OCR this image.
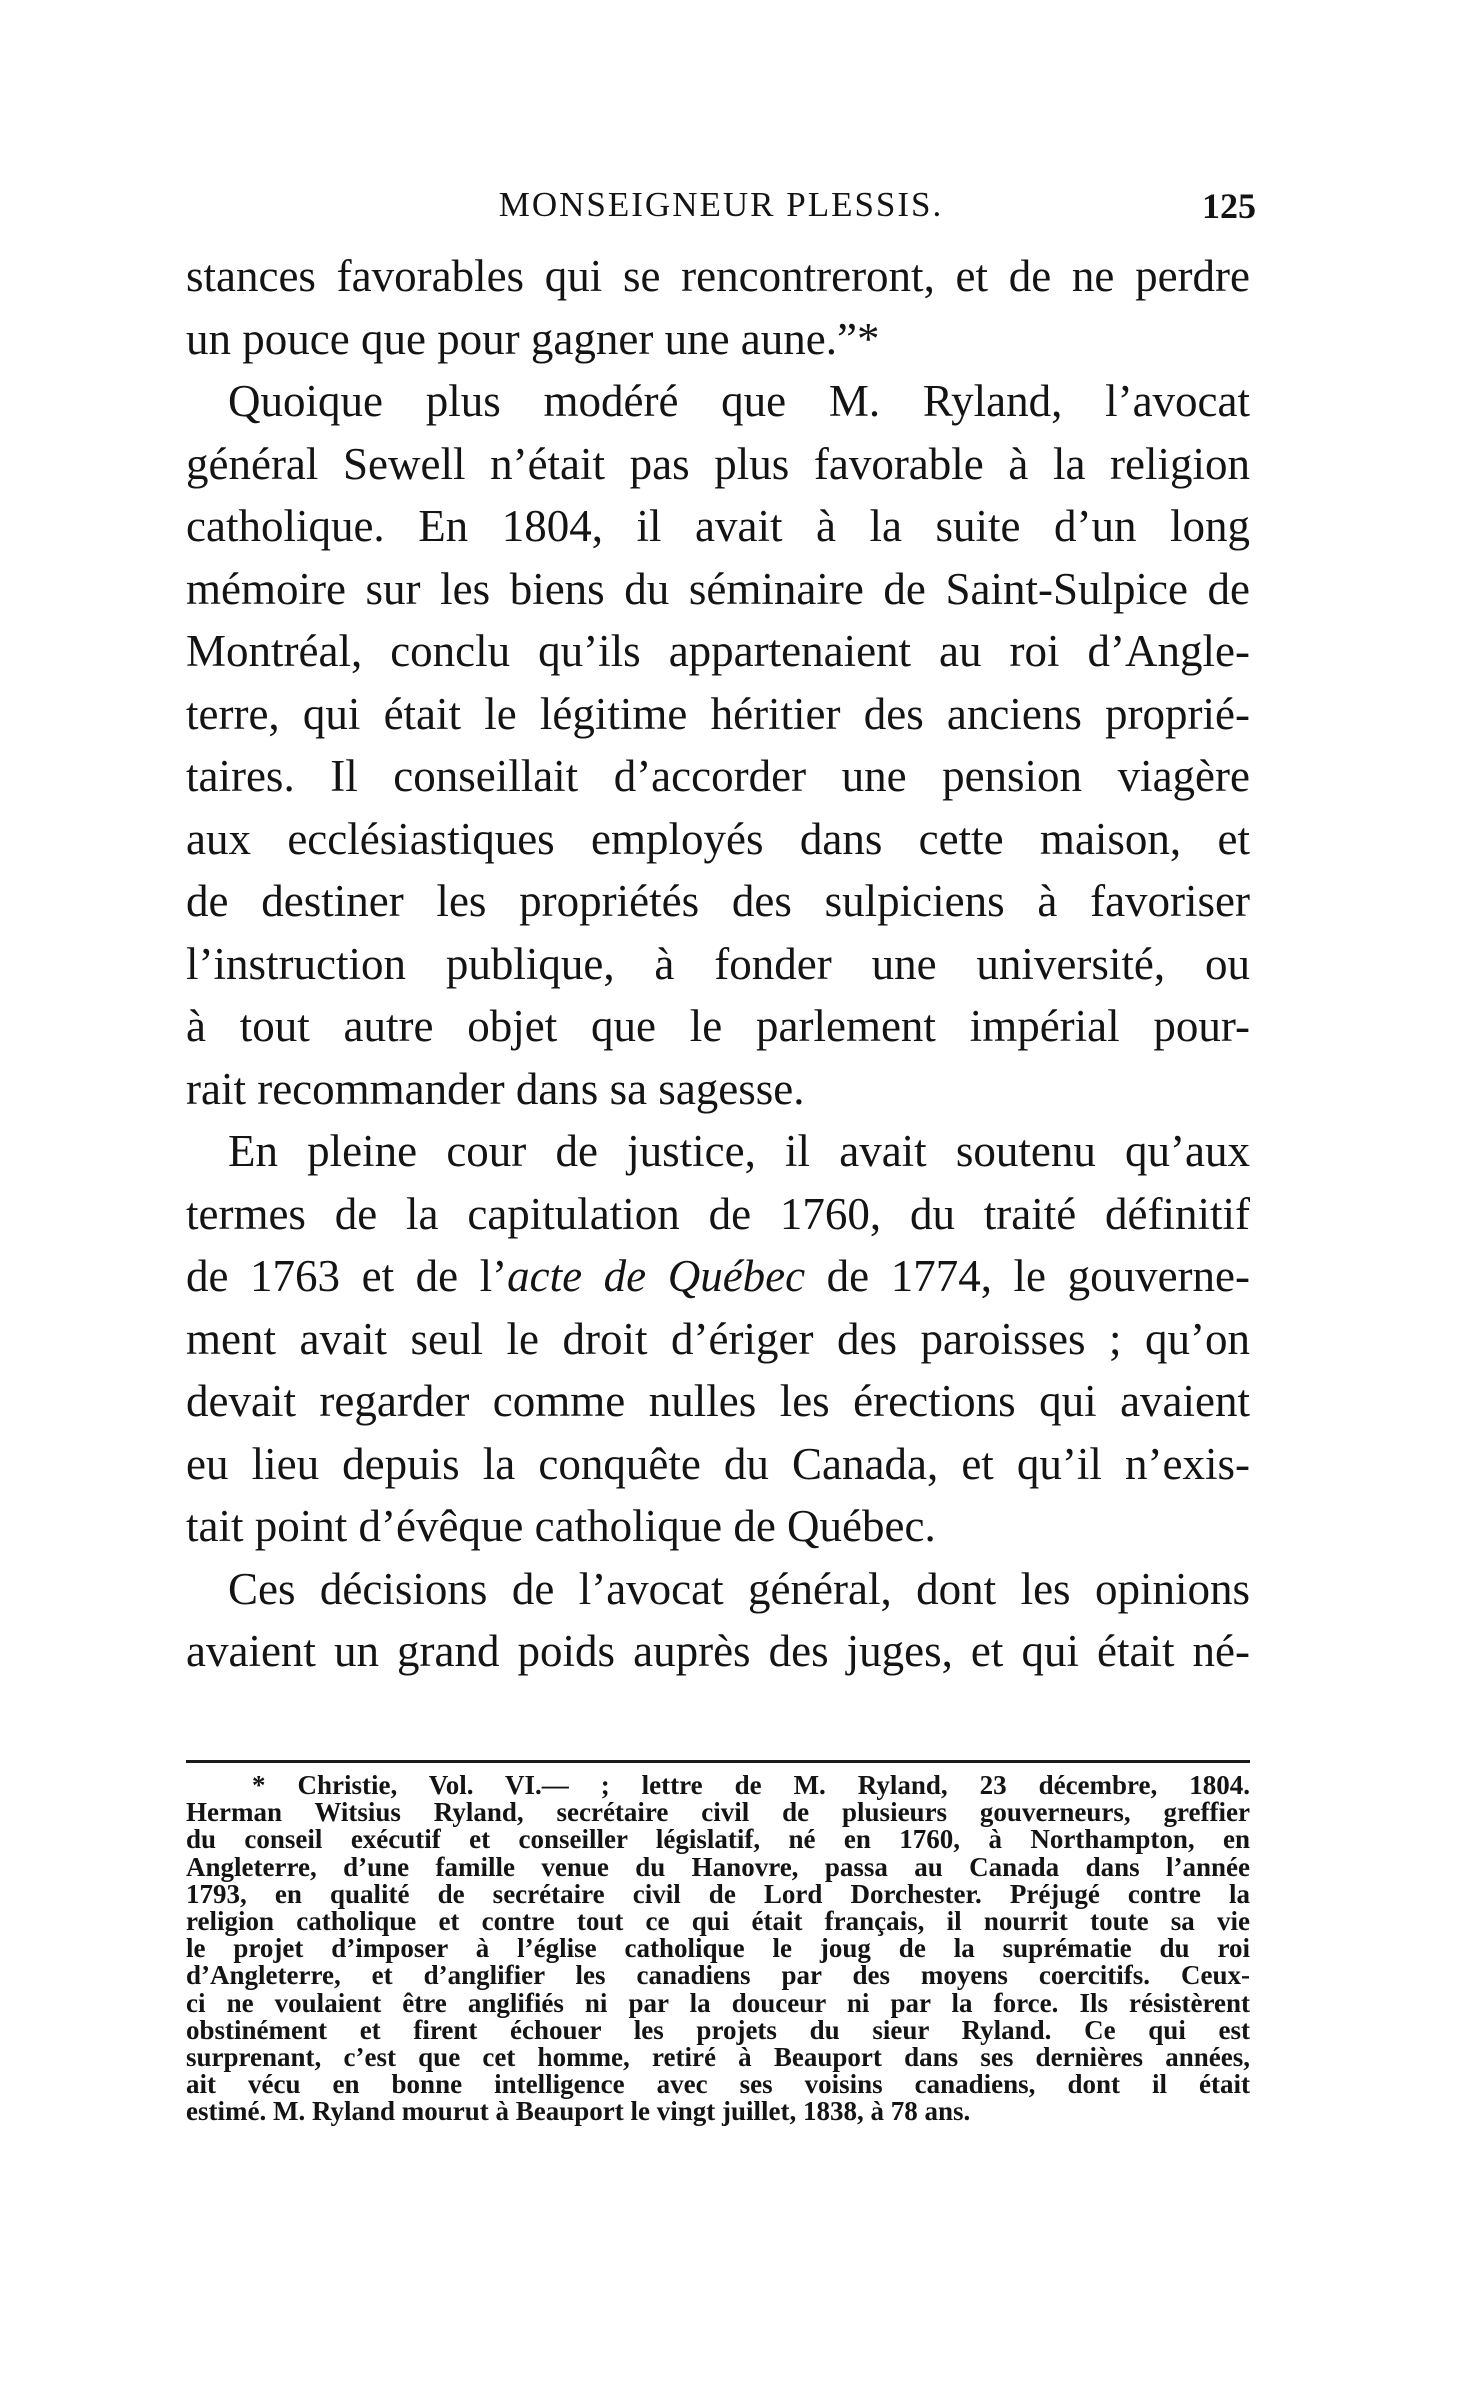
MONSEIGNEUR PLESSIS.	125
stances favorables qui se rencontreront, et de ne perdre
un pouce que pour gagner une aune.”*
Quoique plus modéré que M. Ryland, l’avocat
général Sewell n’était pas plus favorable à la religion
catholique. En 1804, il avait à la suite d’un long
mémoire sur les biens du séminaire de Saint-Sulpice de
Montréal, conclu qu’ils appartenaient au roi d’Angle-
terre, qui était le légitime héritier des anciens proprié-
taires. Il conseillait d’accorder une pension viagère
aux ecclésiastiques employés dans cette maison, et
de destiner les propriétés des sulpiciens à favoriser
l’instruction publique, à fonder une université, ou
à tout autre objet que le parlement impérial pour-
rait recommander dans sa sagesse.
En pleine cour de justice, il avait soutenu qu’aux
termes de la capitulation de 1760, du traité définitif
de 1763 et de l’acte de Québec de 1774, le gouverne-
ment avait seul le droit d’ériger des paroisses ; qu’on
devait regarder comme nulles les érections qui avaient
eu lieu depuis la conquête du Canada, et qu’il n’exis-
tait point d’évêque catholique de Québec.
Ces décisions de l’avocat général, dont les opinions
avaient un grand poids auprès des juges, et qui était né-
* Christie, Vol. VI.— ; lettre de M. Ryland, 23 décembre, 1804.
Herman Witsius Ryland, secrétaire civil de plusieurs gouverneurs, greffier
du conseil exécutif et conseiller législatif, né en 1760, à Northampton, en
Angleterre, d’une famille venue du Hanovre, passa au Canada dans l’année
1793, en qualité de secrétaire civil de Lord Dorchester. Préjugé contre la
religion catholique et contre tout ce qui était français, il nourrit toute sa vie
le projet d’imposer à l’église catholique le joug de la suprématie du roi
d’Angleterre, et d’anglifier les canadiens par des moyens coercitifs. Ceux-
ci ne voulaient être anglifiés ni par la douceur ni par la force. Ils résistèrent
obstinément et firent échouer les projets du sieur Ryland. Ce qui est
surprenant, c’est que cet homme, retiré à Beauport dans ses dernières années,
ait vécu en bonne intelligence avec ses voisins canadiens, dont il était
estimé. M. Ryland mourut à Beauport le vingt juillet, 1838, à 78 ans.
